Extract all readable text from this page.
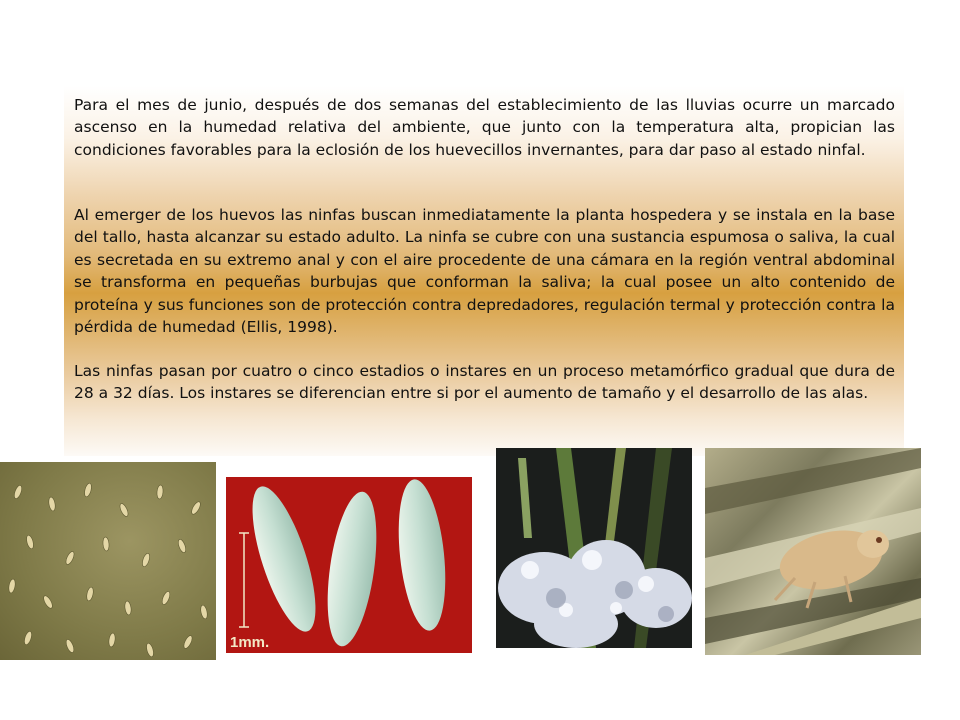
Para el mes de junio, después de dos semanas del establecimiento de las lluvias ocurre un marcado ascenso en la humedad relativa del ambiente, que junto con la temperatura alta, propician las condiciones favorables para la eclosión de los huevecillos invernantes, para dar paso al estado ninfal.

Al emerger de los huevos las ninfas buscan inmediatamente la planta hospedera y se instala en la base del tallo, hasta alcanzar su estado adulto. La ninfa se cubre con una sustancia espumosa o saliva, la cual es secretada en su extremo anal y con el aire procedente de una cámara en la región ventral abdominal se transforma en pequeñas burbujas que conforman la saliva; la cual posee un alto contenido de proteína y sus funciones son de protección contra depredadores, regulación termal y protección contra la pérdida de humedad (Ellis, 1998).

Las ninfas pasan por cuatro o cinco estadios o instares en un proceso metamórfico gradual que dura de 28 a 32 días. Los instares se diferencian entre si por el aumento de tamaño y el desarrollo de las alas.

1mm.
